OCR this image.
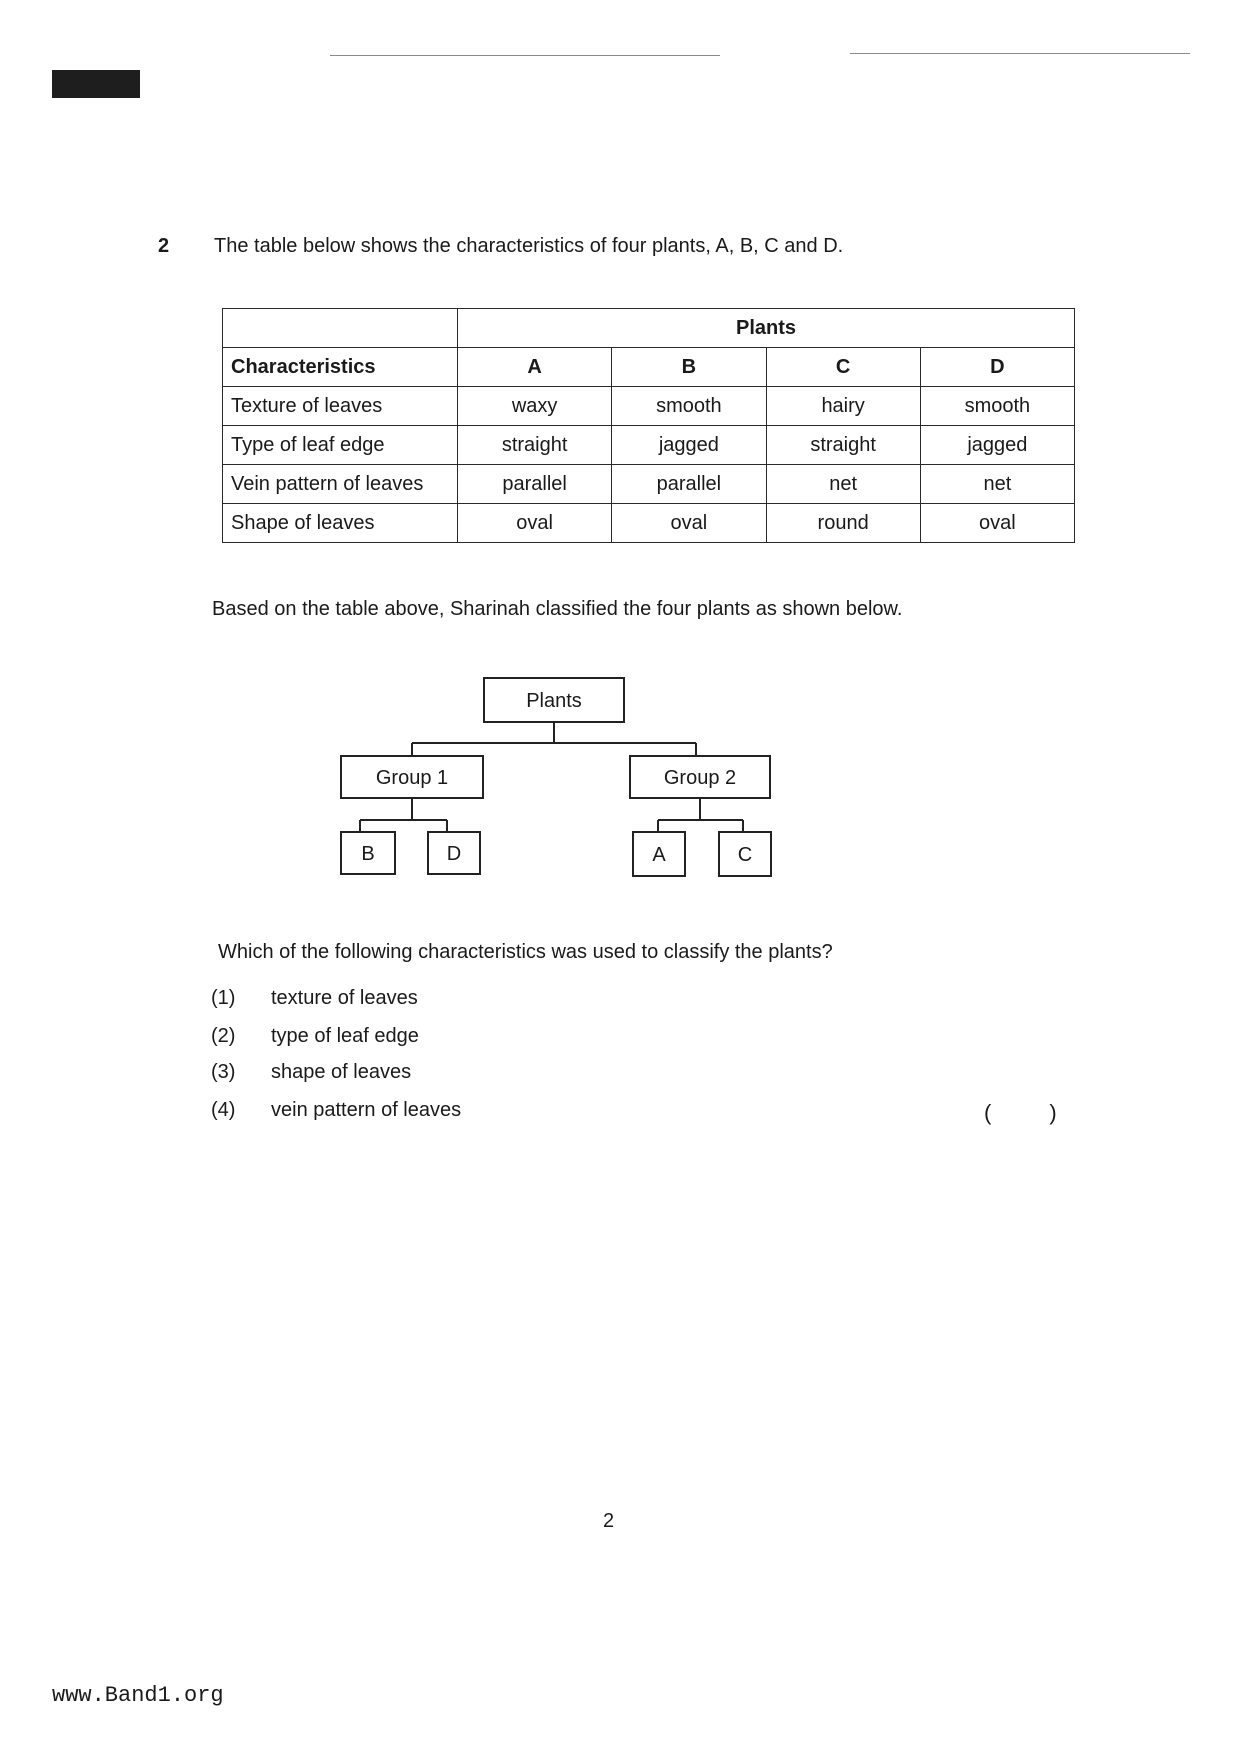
2 The table below shows the characteristics of four plants, A, B, C and D.
	Plants			
Characteristics	A	B	C	D
Texture of leaves	waxy	smooth	hairy	smooth
Type of leaf edge	straight	jagged	straight	jagged
Vein pattern of leaves	parallel	parallel	net	net
Shape of leaves	oval	oval	round	oval
Based on the table above, Sharinah classified the four plants as shown below.
Plants
Group 1	Group 2
B	D	A	C
Which of the following characteristics was used to classify the plants?
(1) texture of leaves
(2) type of leaf edge
(3) shape of leaves
(4) vein pattern of leaves	(	)
2
www.Band1.org
